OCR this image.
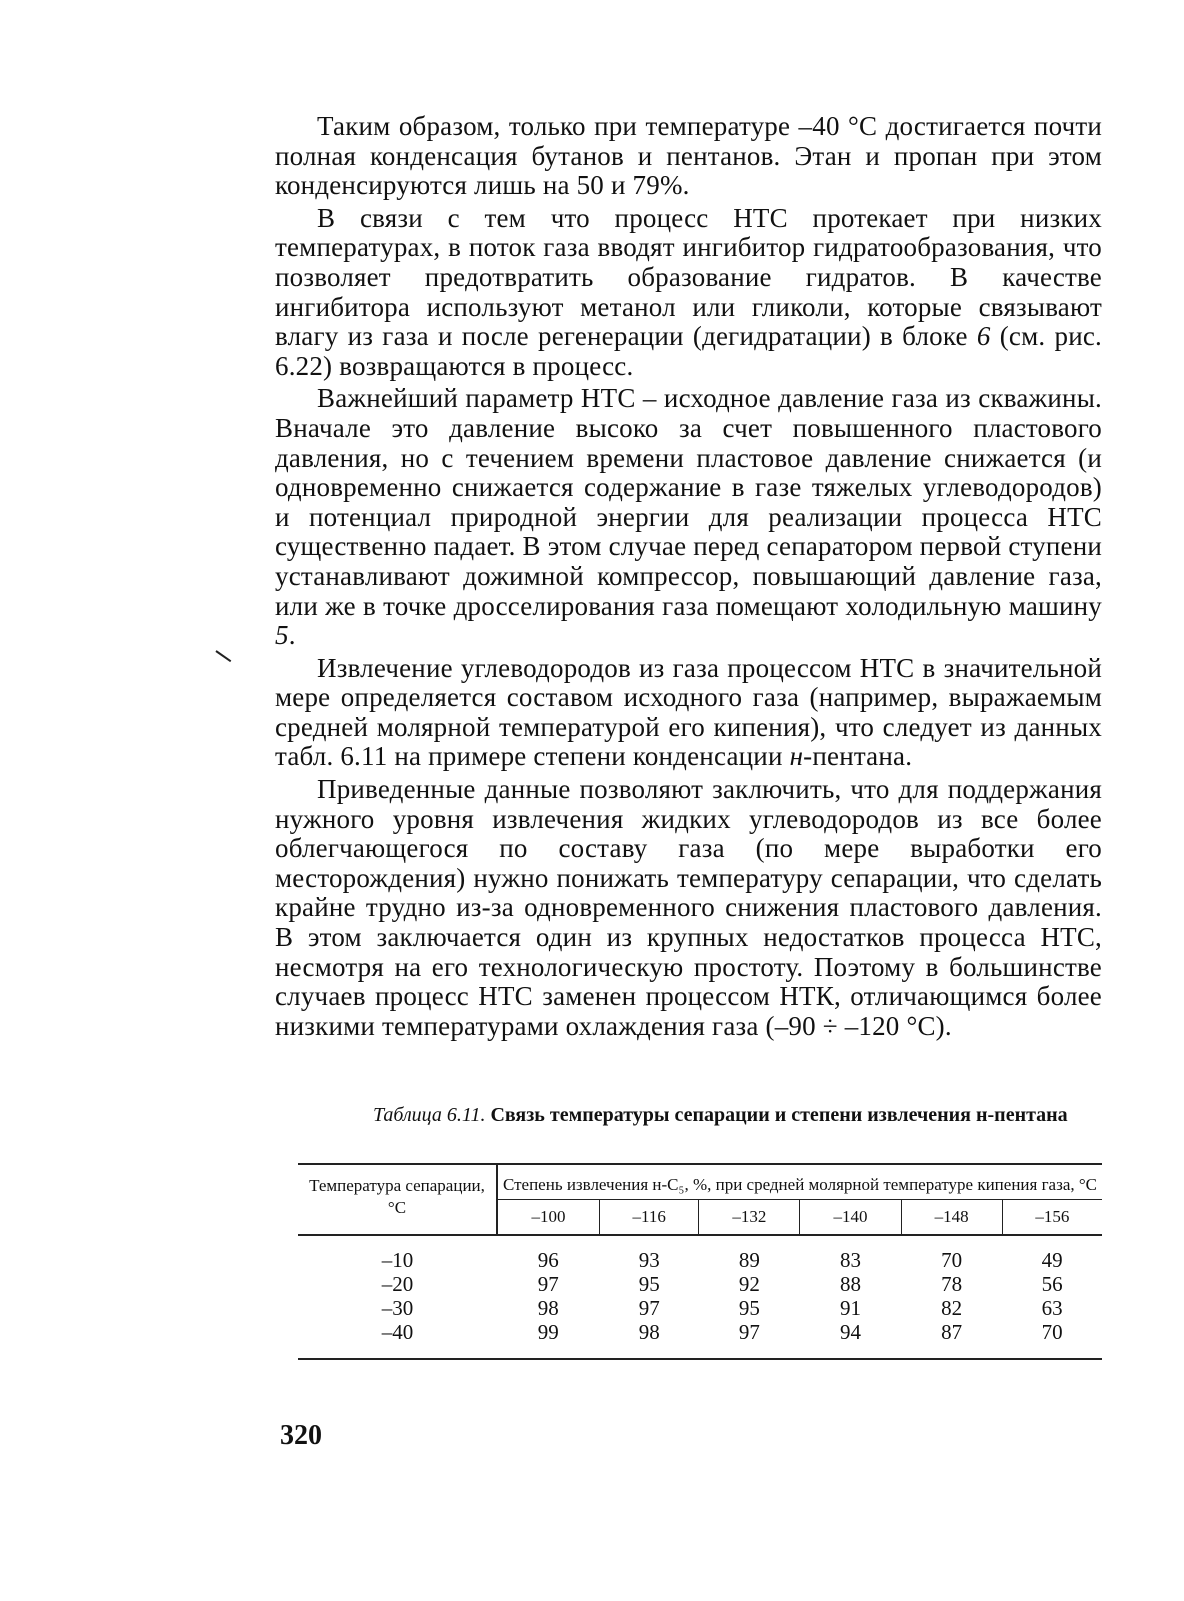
Таким образом, только при температуре –40 °С достигается почти полная конденсация бутанов и пентанов. Этан и пропан при этом конденсируются лишь на 50 и 79%.

В связи с тем что процесс НТС протекает при низких температурах, в поток газа вводят ингибитор гидратообразования, что позволяет предотвратить образование гидратов. В качестве ингибитора используют метанол или гликоли, которые связывают влагу из газа и после регенерации (дегидратации) в блоке 6 (см. рис. 6.22) возвращаются в процесс.

Важнейший параметр НТС – исходное давление газа из скважины. Вначале это давление высоко за счет повышенного пластового давления, но с течением времени пластовое давление снижается (и одновременно снижается содержание в газе тяжелых углеводородов) и потенциал природной энергии для реализации процесса НТС существенно падает. В этом случае перед сепаратором первой ступени устанавливают дожимной компрессор, повышающий давление газа, или же в точке дросселирования газа помещают холодильную машину 5.

Извлечение углеводородов из газа процессом НТС в значительной мере определяется составом исходного газа (например, выражаемым средней молярной температурой его кипения), что следует из данных табл. 6.11 на примере степени конденсации н-пентана.

Приведенные данные позволяют заключить, что для поддержания нужного уровня извлечения жидких углеводородов из все более облегчающегося по составу газа (по мере выработки его месторождения) нужно понижать температуру сепарации, что сделать крайне трудно из-за одновременного снижения пластового давления. В этом заключается один из крупных недостатков процесса НТС, несмотря на его технологическую простоту. Поэтому в большинстве случаев процесс НТС заменен процессом НТК, отличающимся более низкими температурами охлаждения газа (–90 ÷ –120 °С).

Таблица 6.11. Связь температуры сепарации и степени извлечения н-пентана
Температура сепарации, °С	Степень извлечения н-С₅, %, при средней молярной температуре кипения газа, °С					
	–100	–116	–132	–140	–148	–156
–10	96	93	89	83	70	49
–20	97	95	92	88	78	56
–30	98	97	95	91	82	63
–40	99	98	97	94	87	70
320
